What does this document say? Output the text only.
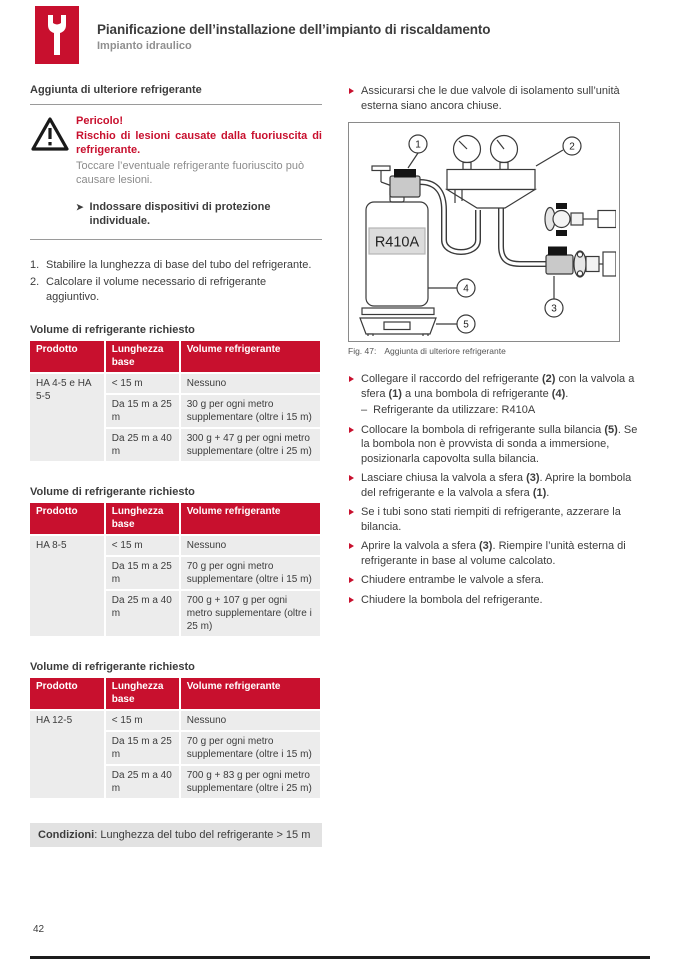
Pianificazione dell’installazione dell’impianto di riscaldamento
Impianto idraulico
Aggiunta di ulteriore refrigerante
Pericolo!
Rischio di lesioni causate dalla fuoriuscita di refrigerante.
Toccare l’eventuale refrigerante fuoriuscito può causare lesioni.
➤ Indossare dispositivi di protezione individuale.
1. Stabilire la lunghezza di base del tubo del refrigerante.
2. Calcolare il volume necessario di refrigerante aggiuntivo.
Volume di refrigerante richiesto
Prodotto	Lunghezza base	Volume refrigerante
HA 4-5 e HA 5-5	< 15 m	Nessuno
	Da 15 m a 25 m	30 g per ogni metro supplementare (oltre i 15 m)
	Da 25 m a 40 m	300 g + 47 g per ogni metro supplementare (oltre i 25 m)
Volume di refrigerante richiesto
Prodotto	Lunghezza base	Volume refrigerante
HA 8-5	< 15 m	Nessuno
	Da 15 m a 25 m	70 g per ogni metro supplementare (oltre i 15 m)
	Da 25 m a 40 m	700 g + 107 g per ogni metro supplementare (oltre i 25 m)
Volume di refrigerante richiesto
Prodotto	Lunghezza base	Volume refrigerante
HA 12-5	< 15 m	Nessuno
	Da 15 m a 25 m	70 g per ogni metro supplementare (oltre i 15 m)
	Da 25 m a 40 m	700 g + 83 g per ogni metro supplementare (oltre i 25 m)
Condizioni: Lunghezza del tubo del refrigerante > 15 m
Assicurarsi che le due valvole di isolamento sull’unità esterna siano ancora chiuse.
1	2
3
4
5
R410A
Fig. 47: Aggiunta di ulteriore refrigerante
Collegare il raccordo del refrigerante (2) con la valvola a sfera (1) a una bombola di refrigerante (4).
– Refrigerante da utilizzare: R410A
Collocare la bombola di refrigerante sulla bilancia (5). Se la bombola non è provvista di sonda a immersione, posizionarla capovolta sulla bilancia.
Lasciare chiusa la valvola a sfera (3). Aprire la bombola del refrigerante e la valvola a sfera (1).
Se i tubi sono stati riempiti di refrigerante, azzerare la bilancia.
Aprire la valvola a sfera (3). Riempire l’unità esterna di refrigerante in base al volume calcolato.
Chiudere entrambe le valvole a sfera.
Chiudere la bombola del refrigerante.
42
